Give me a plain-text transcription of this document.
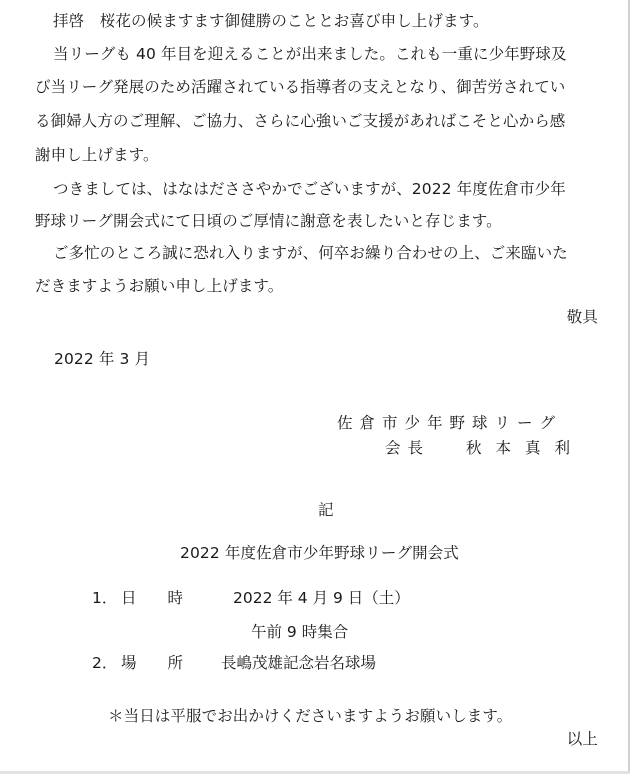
拝啓　桜花の候ますます御健勝のこととお喜び申し上げます。
当リーグも 40 年目を迎えることが出来ました。これも一重に少年野球及
び当リーグ発展のため活躍されている指導者の支えとなり、御苦労されてい
る御婦人方のご理解、ご協力、さらに心強いご支援があればこそと心から感
謝申し上げます。
つきましては、はなはだささやかでございますが、2022 年度佐倉市少年
野球リーグ開会式にて日頃のご厚情に謝意を表したいと存じます。
ご多忙のところ誠に恐れ入りますが、何卒お繰り合わせの上、ご来臨いた
だきますようお願い申し上げます。
敬具
2022 年 3 月
佐倉市少年野球リーグ
会長 秋本真利
記
2022 年度佐倉市少年野球リーグ開会式
1． 日　　時	2022 年 4 月 9 日（土）
午前 9 時集合
2． 場　　所 長嶋茂雄記念岩名球場
＊当日は平服でお出かけくださいますようお願いします。
以上
